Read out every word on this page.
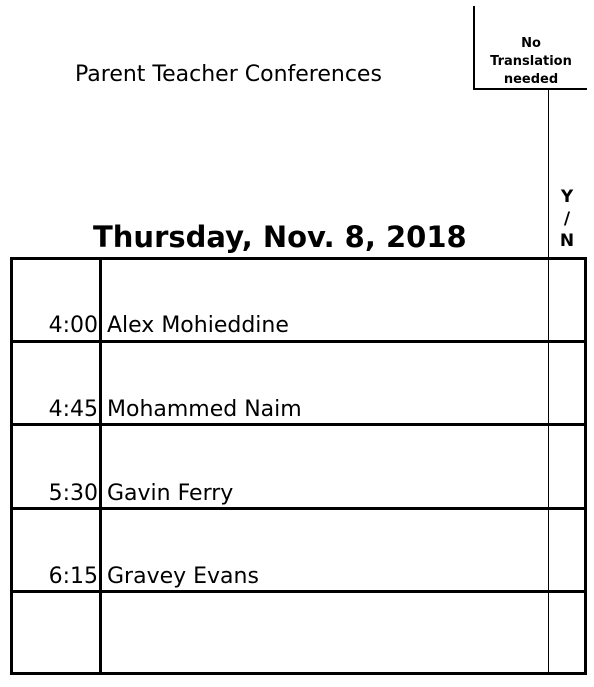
Parent Teacher Conferences
No
Translation
needed
Y
/
N
Thursday, Nov. 8, 2018
4:00 Alex Mohieddine
4:45 Mohammed Naim
5:30 Gavin Ferry
6:15 Gravey Evans
